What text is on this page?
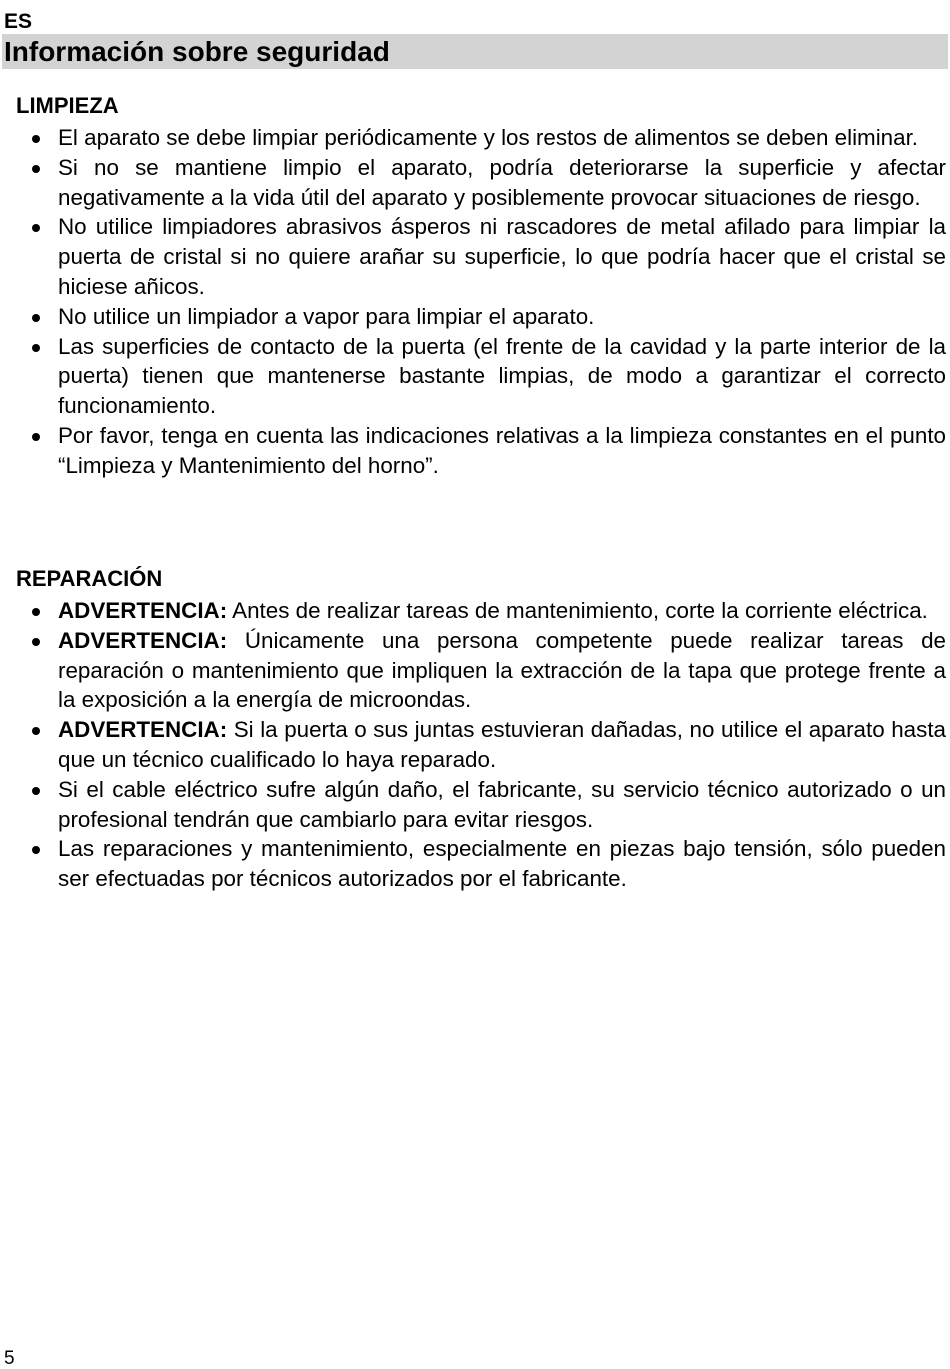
ES
Información sobre seguridad
LIMPIEZA
El aparato se debe limpiar periódicamente y los restos de alimentos se deben eliminar.
Si no se mantiene limpio el aparato, podría deteriorarse la superficie y afectar negativamente a la vida útil del aparato y posiblemente provocar situaciones de riesgo.
No utilice limpiadores abrasivos ásperos ni rascadores de metal afilado para limpiar la puerta de cristal si no quiere arañar su superficie, lo que podría hacer que el cristal se hiciese añicos.
No utilice un limpiador a vapor para limpiar el aparato.
Las superficies de contacto de la puerta (el frente de la cavidad y la parte interior de la puerta) tienen que mantenerse bastante limpias, de modo a garantizar el correcto funcionamiento.
Por favor, tenga en cuenta las indicaciones relativas a la limpieza constantes en el punto “Limpieza y Mantenimiento del horno”.
REPARACIÓN
ADVERTENCIA: Antes de realizar tareas de mantenimiento, corte la corriente eléctrica.
ADVERTENCIA: Únicamente una persona competente puede realizar tareas de reparación o mantenimiento que impliquen la extracción de la tapa que protege frente a la exposición a la energía de microondas.
ADVERTENCIA: Si la puerta o sus juntas estuvieran dañadas, no utilice el aparato hasta que un técnico cualificado lo haya reparado.
Si el cable eléctrico sufre algún daño, el fabricante, su servicio técnico autorizado o un profesional tendrán que cambiarlo para evitar riesgos.
Las reparaciones y mantenimiento, especialmente en piezas bajo tensión, sólo pueden ser efectuadas por técnicos autorizados por el fabricante.
5
